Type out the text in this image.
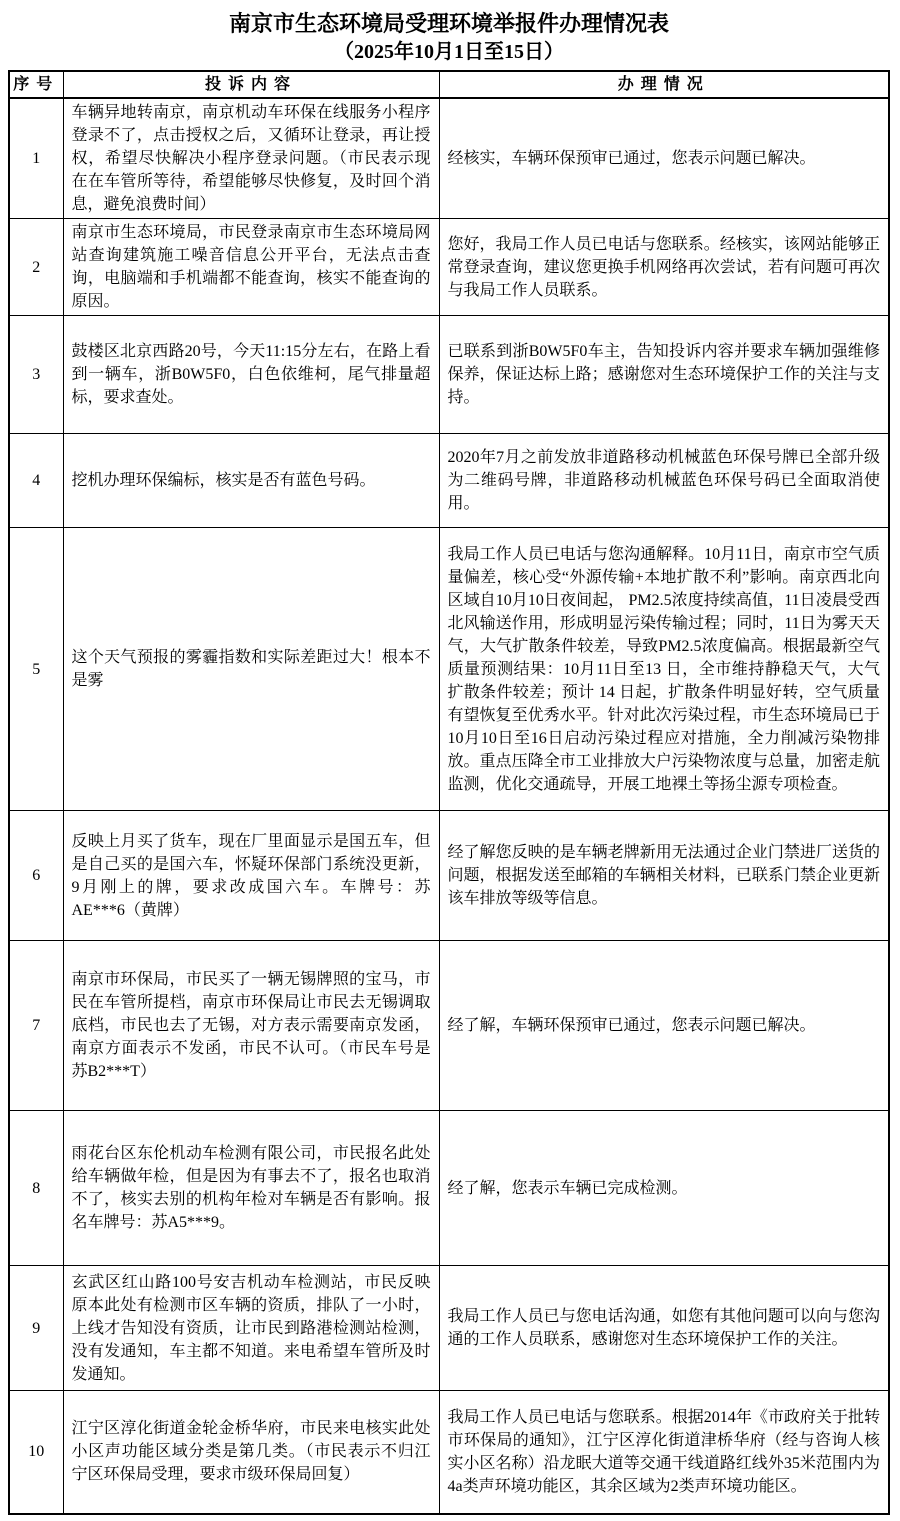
南京市生态环境局受理环境举报件办理情况表
（2025年10月1日至15日）
序号	投诉内容	办理情况
1	车辆异地转南京，南京机动车环保在线服务小程序登录不了，点击授权之后，又循环让登录，再让授权，希望尽快解决小程序登录问题。（市民表示现在在车管所等待，希望能够尽快修复，及时回个消息，避免浪费时间）	经核实，车辆环保预审已通过，您表示问题已解决。
2	南京市生态环境局，市民登录南京市生态环境局网站查询建筑施工噪音信息公开平台，无法点击查询，电脑端和手机端都不能查询，核实不能查询的原因。	您好，我局工作人员已电话与您联系。经核实，该网站能够正常登录查询，建议您更换手机网络再次尝试，若有问题可再次与我局工作人员联系。
3	鼓楼区北京西路20号，今天11:15分左右，在路上看到一辆车，浙B0W5F0，白色依维柯，尾气排量超标，要求查处。	已联系到浙B0W5F0车主，告知投诉内容并要求车辆加强维修保养，保证达标上路；感谢您对生态环境保护工作的关注与支持。
4	挖机办理环保编标，核实是否有蓝色号码。	2020年7月之前发放非道路移动机械蓝色环保号牌已全部升级为二维码号牌，非道路移动机械蓝色环保号码已全面取消使用。
5	这个天气预报的雾霾指数和实际差距过大！根本不是雾	我局工作人员已电话与您沟通解释。10月11日，南京市空气质量偏差，核心受“外源传输+本地扩散不利”影响。南京西北向区域自10月10日夜间起， PM2.5浓度持续高值，11日凌晨受西北风输送作用，形成明显污染传输过程；同时，11日为雾天天气，大气扩散条件较差，导致PM2.5浓度偏高。根据最新空气质量预测结果：10月11日至13 日，全市维持静稳天气，大气扩散条件较差；预计 14 日起，扩散条件明显好转，空气质量有望恢复至优秀水平。针对此次污染过程，市生态环境局已于10月10日至16日启动污染过程应对措施，全力削减污染物排放。重点压降全市工业排放大户污染物浓度与总量，加密走航监测，优化交通疏导，开展工地裸土等扬尘源专项检查。
6	反映上月买了货车，现在厂里面显示是国五车，但是自己买的是国六车，怀疑环保部门系统没更新，9月刚上的牌，要求改成国六车。车牌号：苏AE***6（黄牌）	经了解您反映的是车辆老牌新用无法通过企业门禁进厂送货的问题，根据发送至邮箱的车辆相关材料，已联系门禁企业更新该车排放等级等信息。
7	南京市环保局，市民买了一辆无锡牌照的宝马，市民在车管所提档，南京市环保局让市民去无锡调取底档，市民也去了无锡，对方表示需要南京发函，南京方面表示不发函，市民不认可。（市民车号是苏B2***T）	经了解，车辆环保预审已通过，您表示问题已解决。
8	雨花台区东伦机动车检测有限公司，市民报名此处给车辆做年检，但是因为有事去不了，报名也取消不了，核实去别的机构年检对车辆是否有影响。报名车牌号：苏A5***9。	经了解，您表示车辆已完成检测。
9	玄武区红山路100号安吉机动车检测站，市民反映原本此处有检测市区车辆的资质，排队了一小时，上线才告知没有资质，让市民到路港检测站检测，没有发通知，车主都不知道。来电希望车管所及时发通知。	我局工作人员已与您电话沟通，如您有其他问题可以向与您沟通的工作人员联系，感谢您对生态环境保护工作的关注。
10	江宁区淳化街道金轮金桥华府，市民来电核实此处小区声功能区域分类是第几类。（市民表示不归江宁区环保局受理，要求市级环保局回复）	我局工作人员已电话与您联系。根据2014年《市政府关于批转市环保局的通知》，江宁区淳化街道津桥华府（经与咨询人核实小区名称）沿龙眠大道等交通干线道路红线外35米范围内为4a类声环境功能区，其余区域为2类声环境功能区。
